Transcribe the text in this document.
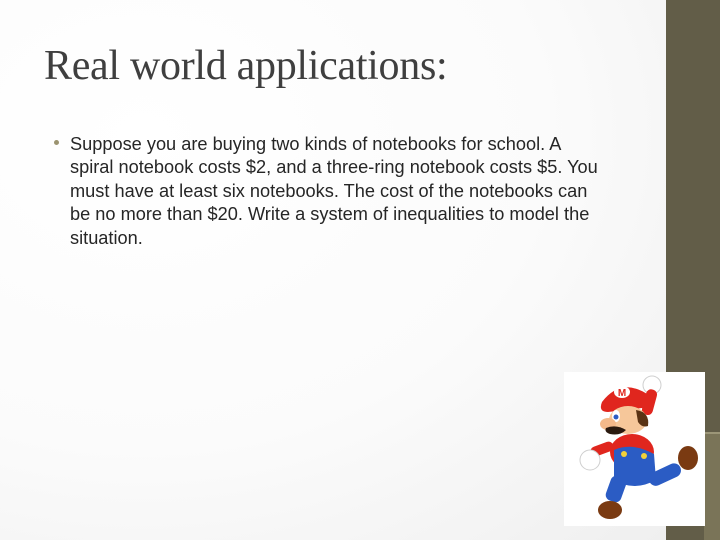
Real world applications:
Suppose you are buying two kinds of notebooks for school. A spiral notebook costs $2, and a three-ring notebook costs $5. You must have at least six notebooks. The cost of the notebooks can be no more than $20. Write a system of inequalities to model the situation.
M
